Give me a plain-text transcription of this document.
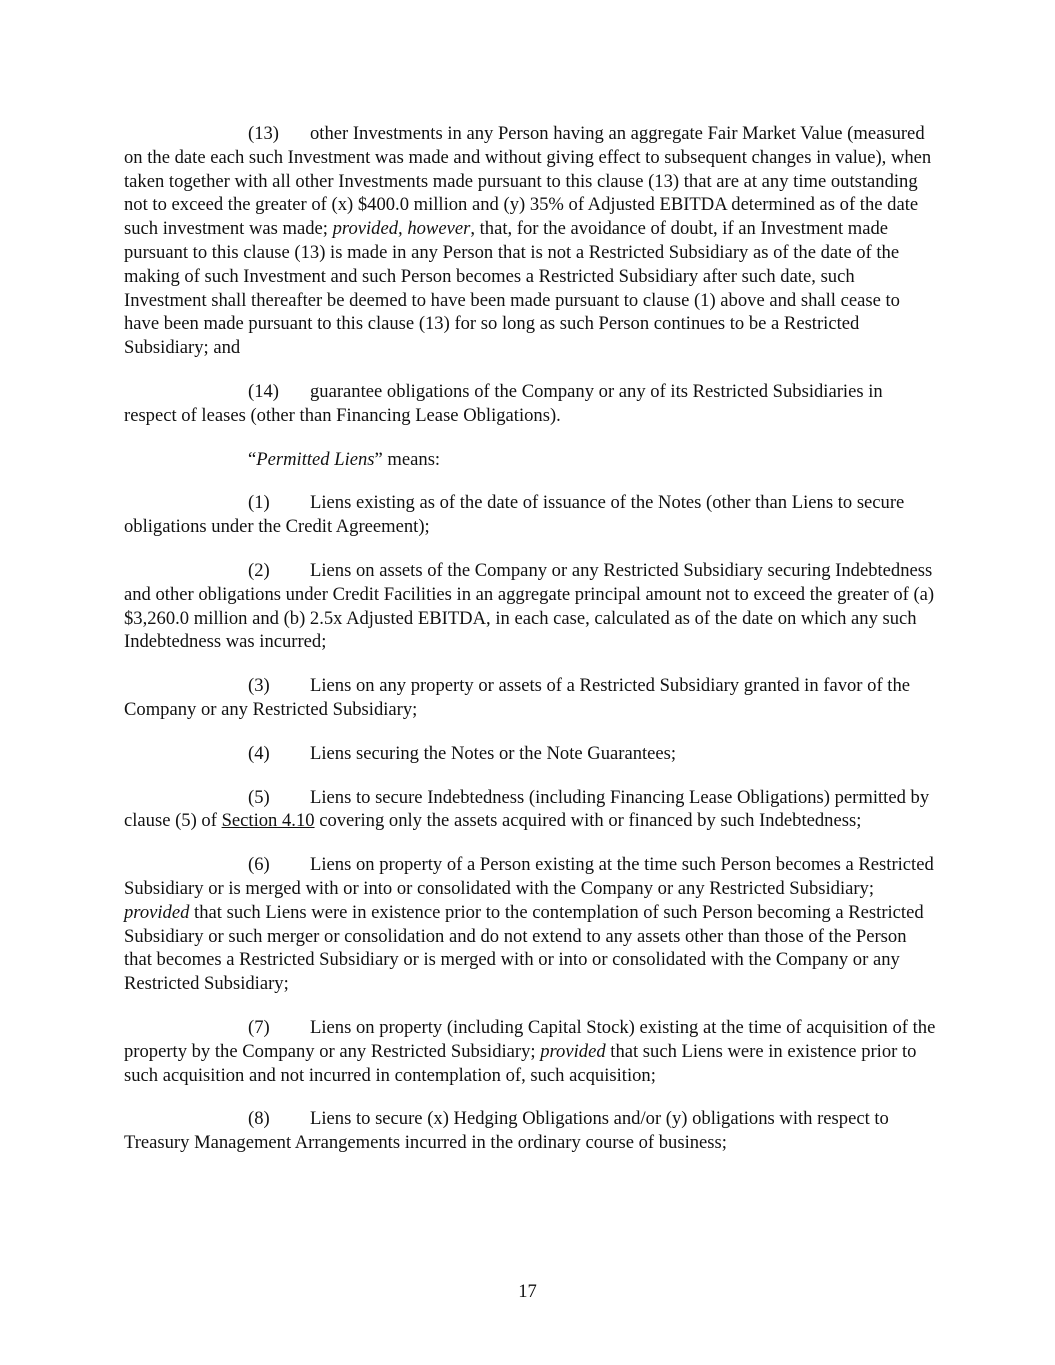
(13) other Investments in any Person having an aggregate Fair Market Value (measured on the date each such Investment was made and without giving effect to subsequent changes in value), when taken together with all other Investments made pursuant to this clause (13) that are at any time outstanding not to exceed the greater of (x) $400.0 million and (y) 35% of Adjusted EBITDA determined as of the date such investment was made; provided, however, that, for the avoidance of doubt, if an Investment made pursuant to this clause (13) is made in any Person that is not a Restricted Subsidiary as of the date of the making of such Investment and such Person becomes a Restricted Subsidiary after such date, such Investment shall thereafter be deemed to have been made pursuant to clause (1) above and shall cease to have been made pursuant to this clause (13) for so long as such Person continues to be a Restricted Subsidiary; and

(14) guarantee obligations of the Company or any of its Restricted Subsidiaries in respect of leases (other than Financing Lease Obligations).

“Permitted Liens” means:

(1) Liens existing as of the date of issuance of the Notes (other than Liens to secure obligations under the Credit Agreement);

(2) Liens on assets of the Company or any Restricted Subsidiary securing Indebtedness and other obligations under Credit Facilities in an aggregate principal amount not to exceed the greater of (a) $3,260.0 million and (b) 2.5x Adjusted EBITDA, in each case, calculated as of the date on which any such Indebtedness was incurred;

(3) Liens on any property or assets of a Restricted Subsidiary granted in favor of the Company or any Restricted Subsidiary;

(4) Liens securing the Notes or the Note Guarantees;

(5) Liens to secure Indebtedness (including Financing Lease Obligations) permitted by clause (5) of Section 4.10 covering only the assets acquired with or financed by such Indebtedness;

(6) Liens on property of a Person existing at the time such Person becomes a Restricted Subsidiary or is merged with or into or consolidated with the Company or any Restricted Subsidiary; provided that such Liens were in existence prior to the contemplation of such Person becoming a Restricted Subsidiary or such merger or consolidation and do not extend to any assets other than those of the Person that becomes a Restricted Subsidiary or is merged with or into or consolidated with the Company or any Restricted Subsidiary;

(7) Liens on property (including Capital Stock) existing at the time of acquisition of the property by the Company or any Restricted Subsidiary; provided that such Liens were in existence prior to such acquisition and not incurred in contemplation of, such acquisition;

(8) Liens to secure (x) Hedging Obligations and/or (y) obligations with respect to Treasury Management Arrangements incurred in the ordinary course of business;

17
